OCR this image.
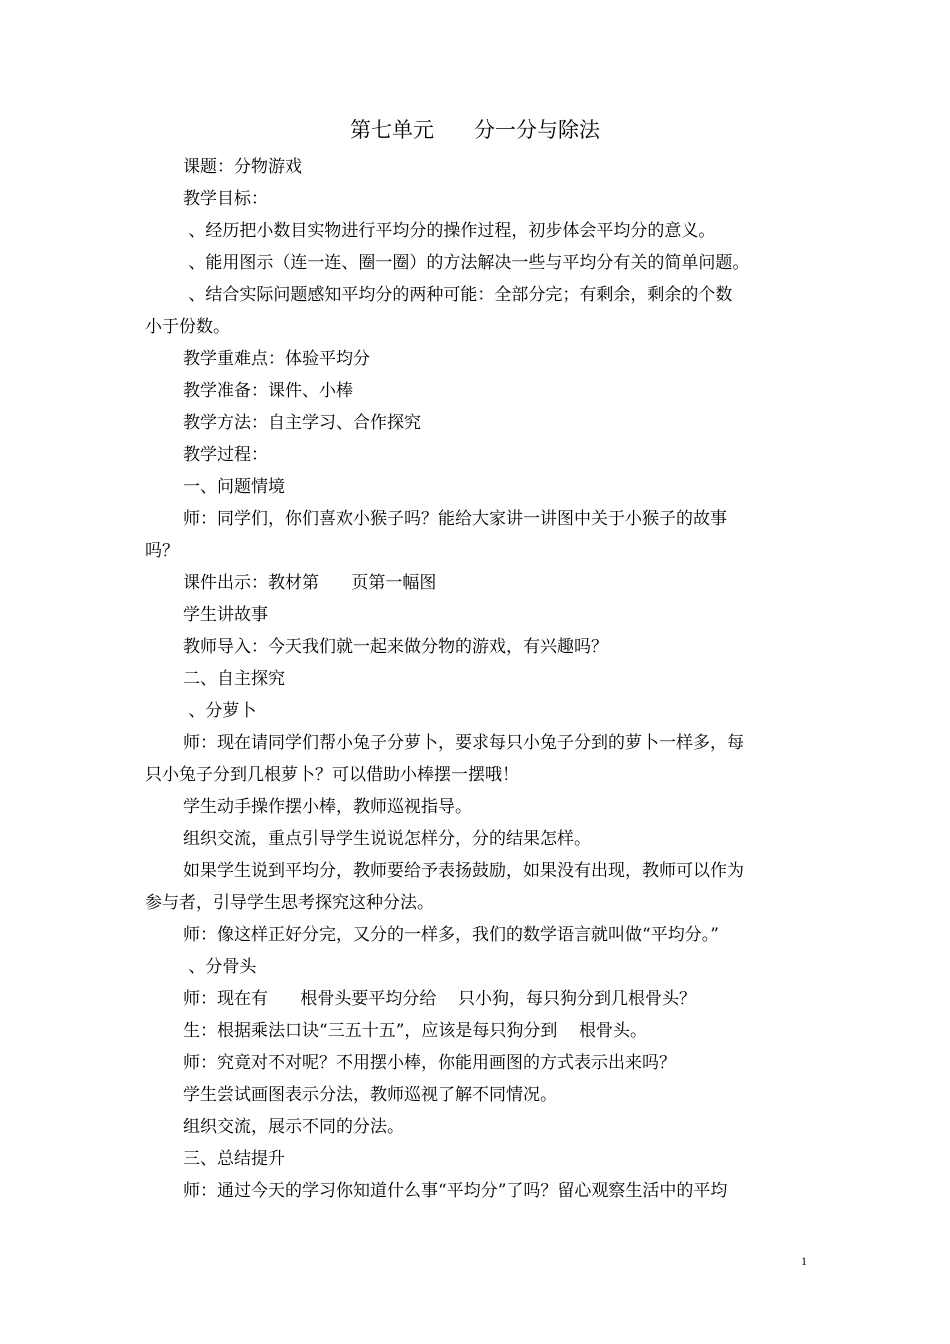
第七单元      分一分与除法
课题：分物游戏
教学目标：
、经历把小数目实物进行平均分的操作过程，初步体会平均分的意义。
、能用图示（连一连、圈一圈）的方法解决一些与平均分有关的简单问题。
、结合实际问题感知平均分的两种可能：全部分完；有剩余，剩余的个数
小于份数。
教学重难点：体验平均分
教学准备：课件、小棒
教学方法：自主学习、合作探究
教学过程：
一、问题情境
师：同学们，你们喜欢小猴子吗？能给大家讲一讲图中关于小猴子的故事
吗？
课件出示：教材第      页第一幅图
学生讲故事
教师导入：今天我们就一起来做分物的游戏，有兴趣吗？
二、自主探究
、分萝卜
师：现在请同学们帮小兔子分萝卜，要求每只小兔子分到的萝卜一样多，每
只小兔子分到几根萝卜？可以借助小棒摆一摆哦！
学生动手操作摆小棒，教师巡视指导。
组织交流，重点引导学生说说怎样分，分的结果怎样。
如果学生说到平均分，教师要给予表扬鼓励，如果没有出现，教师可以作为
参与者，引导学生思考探究这种分法。
师：像这样正好分完，又分的一样多，我们的数学语言就叫做“平均分。”
、分骨头
师：现在有      根骨头要平均分给    只小狗，每只狗分到几根骨头？
生：根据乘法口诀“三五十五”，应该是每只狗分到    根骨头。
师：究竟对不对呢？不用摆小棒，你能用画图的方式表示出来吗？
学生尝试画图表示分法，教师巡视了解不同情况。
组织交流，展示不同的分法。
三、总结提升
师：通过今天的学习你知道什么事“平均分”了吗？留心观察生活中的平均
1
